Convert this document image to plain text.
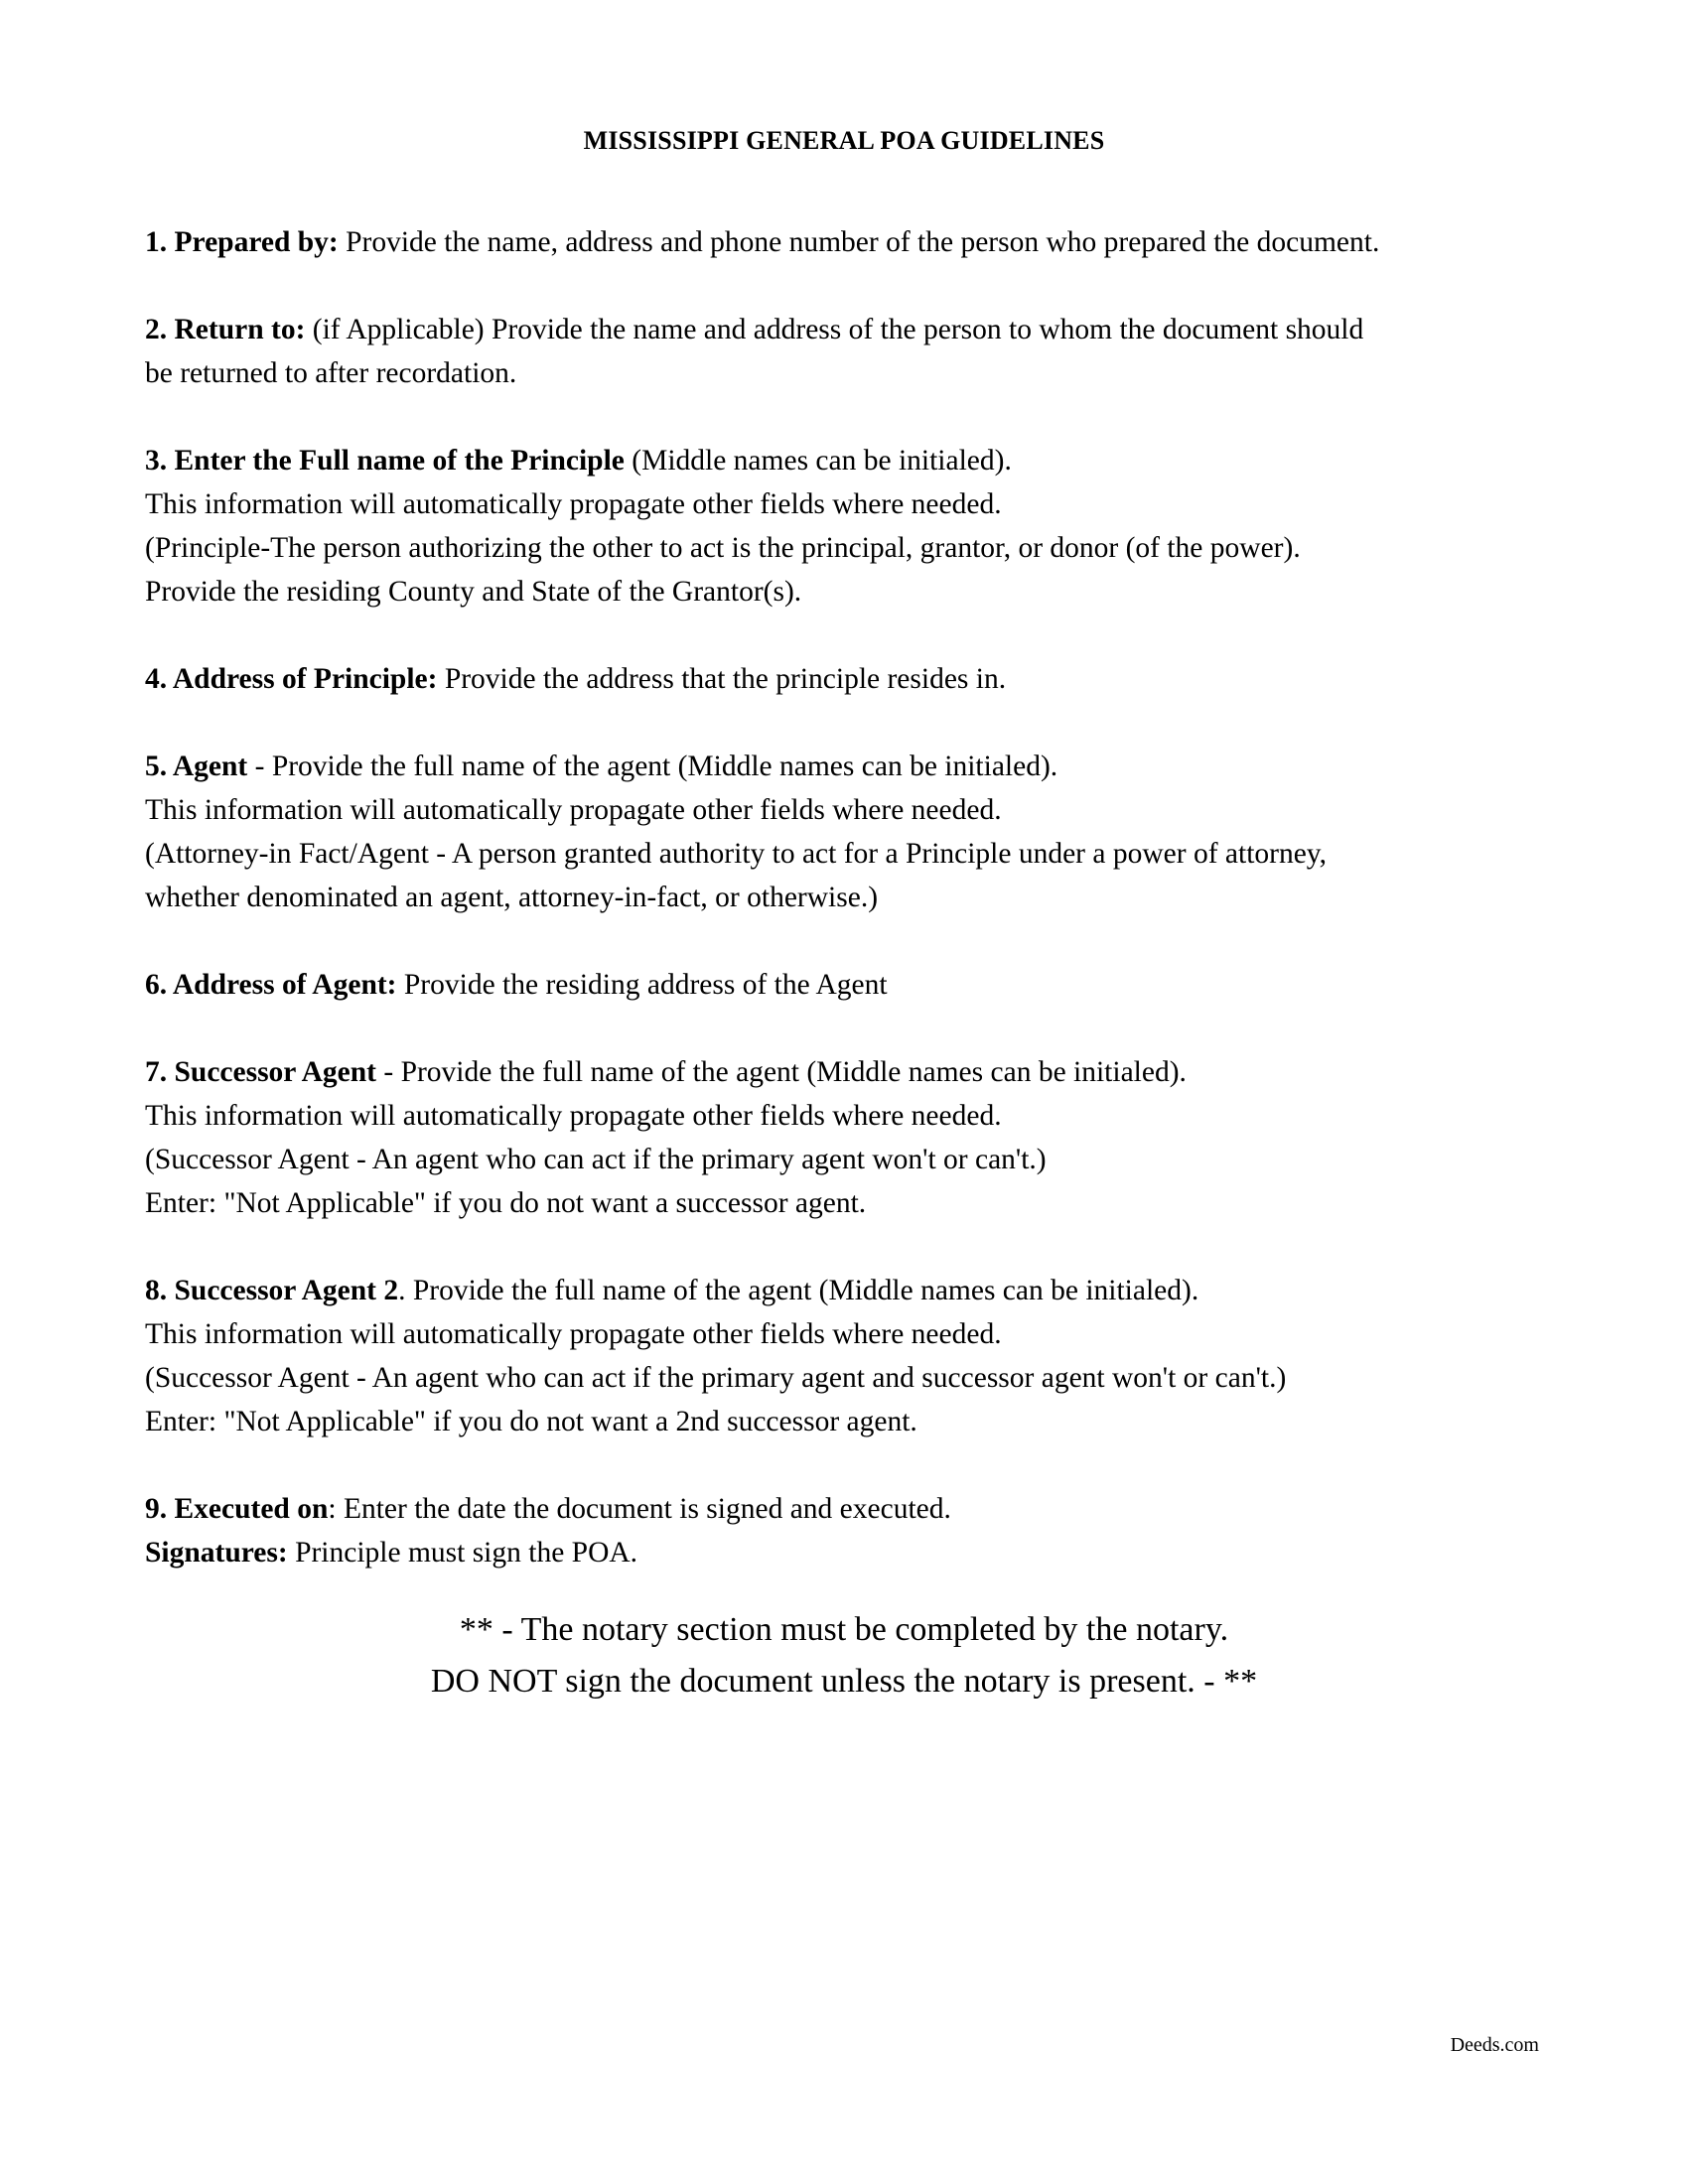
MISSISSIPPI GENERAL POA GUIDELINES
1. Prepared by: Provide the name, address and phone number of the person who prepared the document.
2. Return to: (if Applicable) Provide the name and address of the person to whom the document should
be returned to after recordation.
3. Enter the Full name of the Principle (Middle names can be initialed).
This information will automatically propagate other fields where needed.
(Principle-The person authorizing the other to act is the principal, grantor, or donor (of the power).
Provide the residing County and State of the Grantor(s).
4. Address of Principle: Provide the address that the principle resides in.
5. Agent - Provide the full name of the agent (Middle names can be initialed).
This information will automatically propagate other fields where needed.
(Attorney-in Fact/Agent - A person granted authority to act for a Principle under a power of attorney,
whether denominated an agent, attorney-in-fact, or otherwise.)
6. Address of Agent: Provide the residing address of the Agent
7. Successor Agent - Provide the full name of the agent (Middle names can be initialed).
This information will automatically propagate other fields where needed.
(Successor Agent - An agent who can act if the primary agent won't or can't.)
Enter: "Not Applicable" if you do not want a successor agent.
8. Successor Agent 2. Provide the full name of the agent (Middle names can be initialed).
This information will automatically propagate other fields where needed.
(Successor Agent - An agent who can act if the primary agent and successor agent won't or can't.)
Enter: "Not Applicable" if you do not want a 2nd successor agent.
9. Executed on: Enter the date the document is signed and executed.
Signatures: Principle must sign the POA.
** - The notary section must be completed by the notary.
DO NOT sign the document unless the notary is present. - **
Deeds.com
